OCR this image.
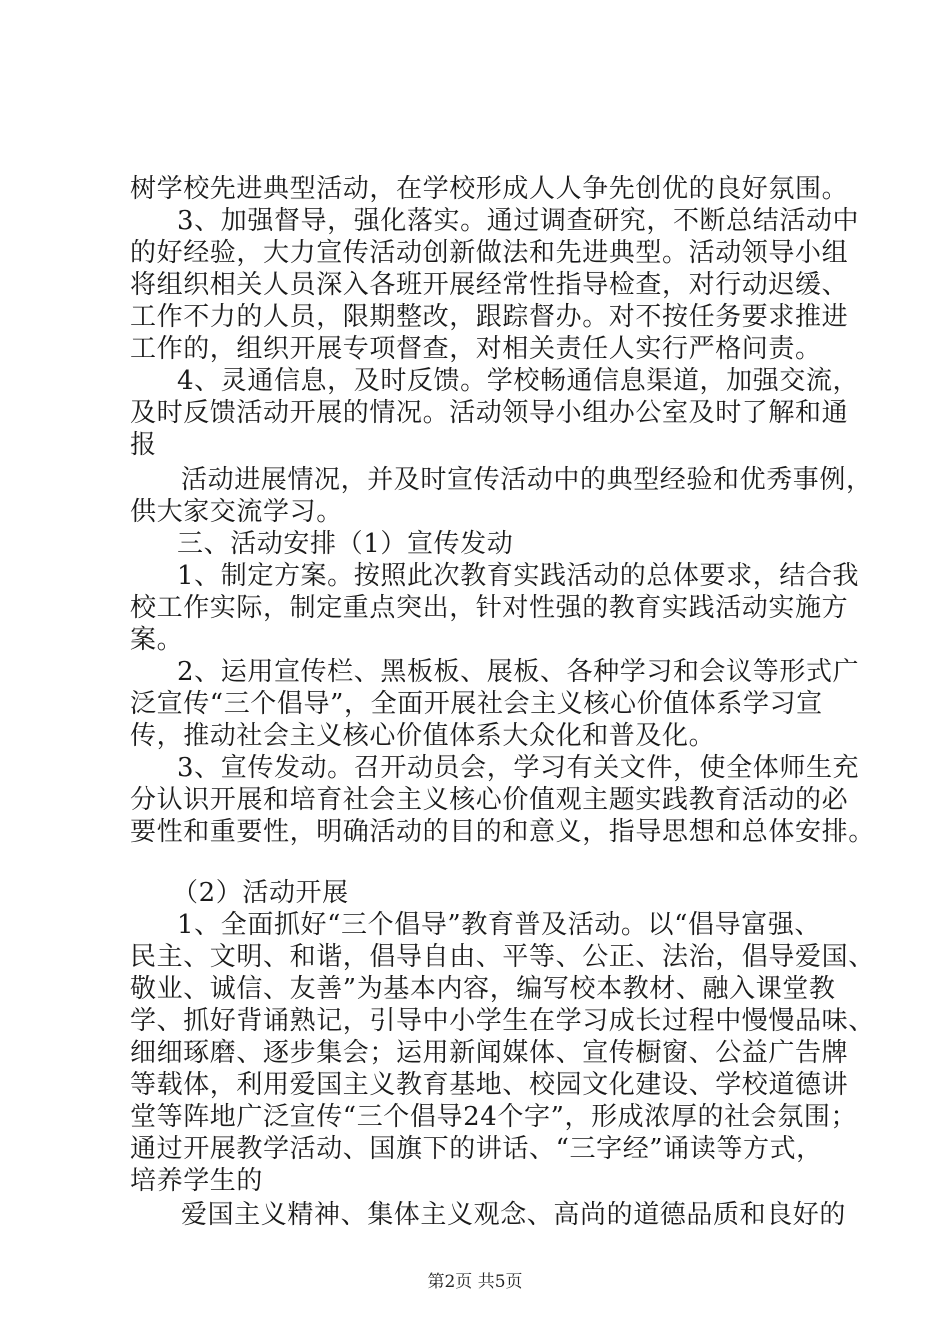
树学校先进典型活动，在学校形成人人争先创优的良好氛围。
3、加强督导，强化落实。通过调查研究，不断总结活动中
的好经验，大力宣传活动创新做法和先进典型。活动领导小组
将组织相关人员深入各班开展经常性指导检查，对行动迟缓、
工作不力的人员，限期整改，跟踪督办。对不按任务要求推进
工作的，组织开展专项督查，对相关责任人实行严格问责。
4、灵通信息，及时反馈。学校畅通信息渠道，加强交流，
及时反馈活动开展的情况。活动领导小组办公室及时了解和通
报
活动进展情况，并及时宣传活动中的典型经验和优秀事例，
供大家交流学习。
三、活动安排（1）宣传发动
1、制定方案。按照此次教育实践活动的总体要求，结合我
校工作实际，制定重点突出，针对性强的教育实践活动实施方
案。
2、运用宣传栏、黑板板、展板、各种学习和会议等形式广
泛宣传“三个倡导”，全面开展社会主义核心价值体系学习宣
传，推动社会主义核心价值体系大众化和普及化。
3、宣传发动。召开动员会，学习有关文件，使全体师生充
分认识开展和培育社会主义核心价值观主题实践教育活动的必
要性和重要性，明确活动的目的和意义，指导思想和总体安排。
（2）活动开展
1、全面抓好“三个倡导”教育普及活动。以“倡导富强、
民主、文明、和谐，倡导自由、平等、公正、法治，倡导爱国、
敬业、诚信、友善”为基本内容，编写校本教材、融入课堂教
学、抓好背诵熟记，引导中小学生在学习成长过程中慢慢品味、
细细琢磨、逐步集会；运用新闻媒体、宣传橱窗、公益广告牌
等载体，利用爱国主义教育基地、校园文化建设、学校道德讲
堂等阵地广泛宣传“三个倡导24个字”，形成浓厚的社会氛围；
通过开展教学活动、国旗下的讲话、“三字经”诵读等方式，
培养学生的
爱国主义精神、集体主义观念、高尚的道德品质和良好的
第2页 共5页
